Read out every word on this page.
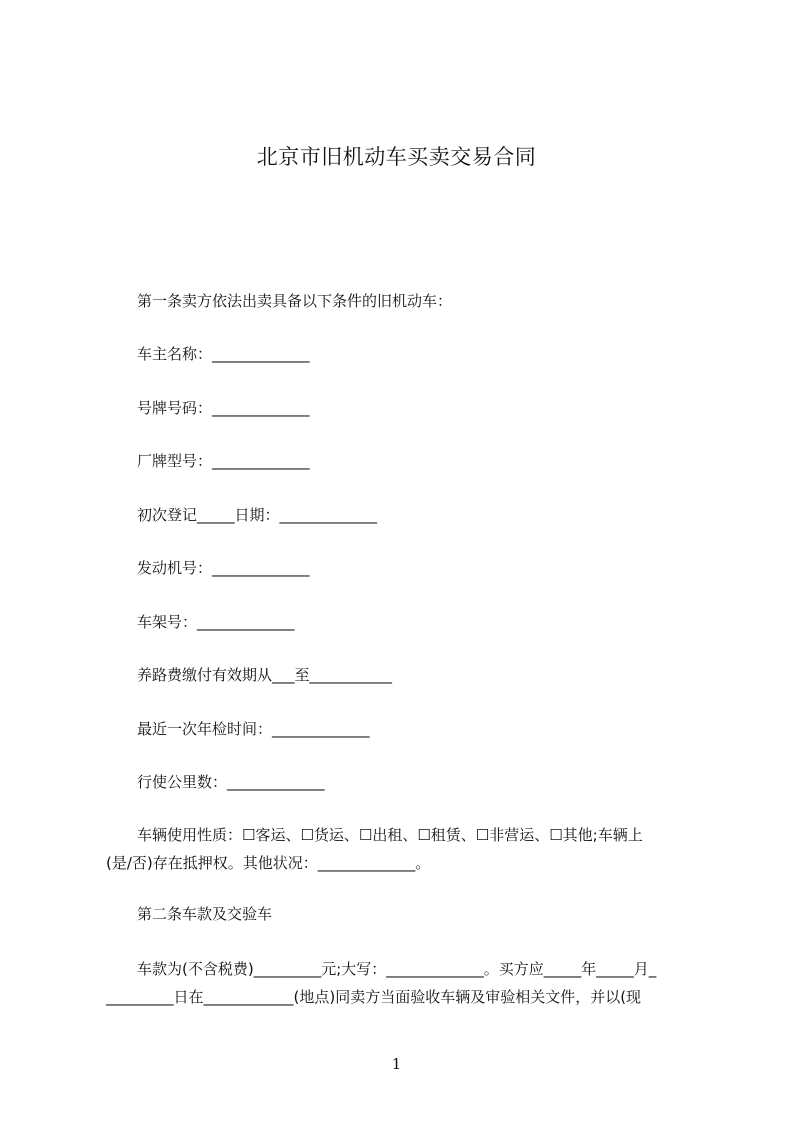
北京市旧机动车买卖交易合同
第一条卖方依法出卖具备以下条件的旧机动车：
车主名称：_____________
号牌号码：_____________
厂牌型号：_____________
初次登记_____日期：_____________
发动机号：_____________
车架号：_____________
养路费缴付有效期从___至___________
最近一次年检时间：_____________
行使公里数：_____________
车辆使用性质：☐客运、☐货运、☐出租、☐租赁、☐非营运、☐其他;车辆上
(是/否)存在抵押权。其他状况：_____________。
第二条车款及交验车
车款为(不含税费)_________元;大写：_____________。买方应_____年_____月_
_________日在____________(地点)同卖方当面验收车辆及审验相关文件，并以(现
1
